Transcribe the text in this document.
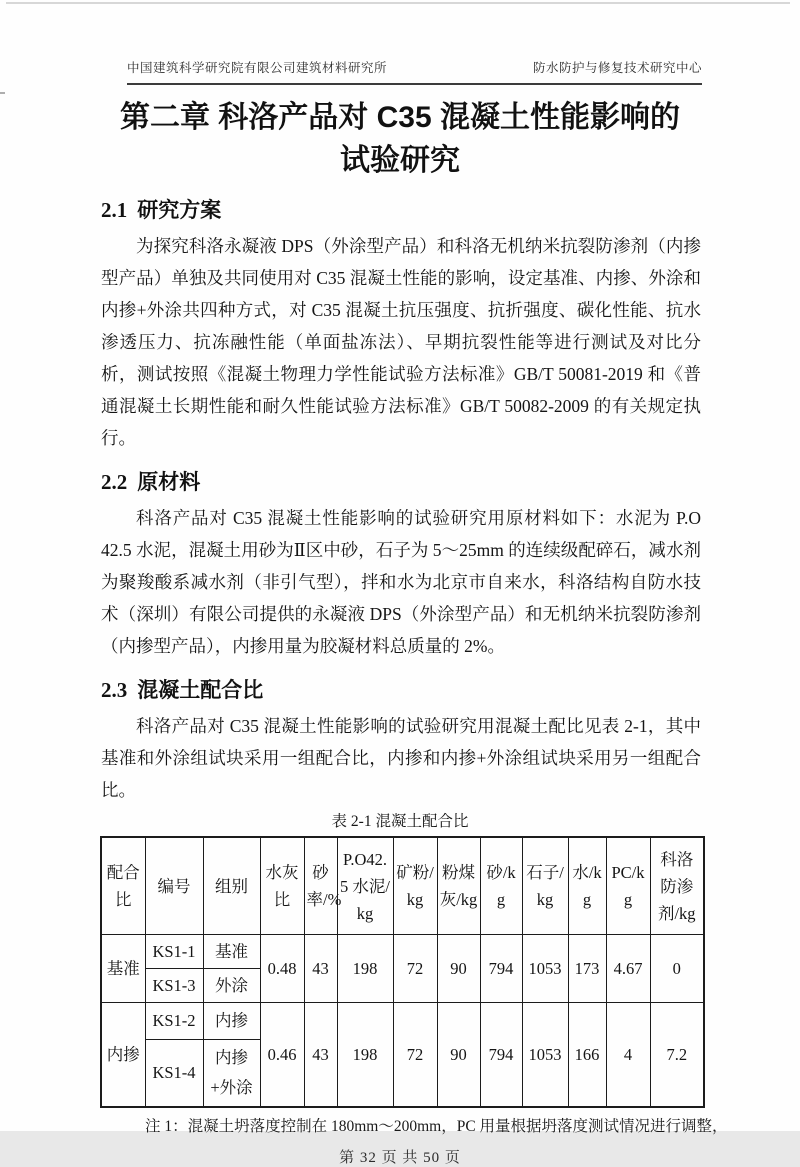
中国建筑科学研究院有限公司建筑材料研究所	防水防护与修复技术研究中心
第二章 科洛产品对 C35 混凝土性能影响的
试验研究
2.1 研究方案

为探究科洛永凝液 DPS（外涂型产品）和科洛无机纳米抗裂防渗剂（内掺型产品）单独及共同使用对 C35 混凝土性能的影响，设定基准、内掺、外涂和内掺+外涂共四种方式，对 C35 混凝土抗压强度、抗折强度、碳化性能、抗水渗透压力、抗冻融性能（单面盐冻法）、早期抗裂性能等进行测试及对比分析，测试按照《混凝土物理力学性能试验方法标准》GB/T 50081-2019 和《普通混凝土长期性能和耐久性能试验方法标准》GB/T 50082-2009 的有关规定执行。

2.2 原材料

科洛产品对 C35 混凝土性能影响的试验研究用原材料如下：水泥为 P.O 42.5 水泥，混凝土用砂为Ⅱ区中砂，石子为 5～25mm 的连续级配碎石，减水剂为聚羧酸系减水剂（非引气型），拌和水为北京市自来水，科洛结构自防水技术（深圳）有限公司提供的永凝液 DPS（外涂型产品）和无机纳米抗裂防渗剂（内掺型产品），内掺用量为胶凝材料总质量的 2%。

2.3 混凝土配合比

科洛产品对 C35 混凝土性能影响的试验研究用混凝土配比见表 2-1，其中基准和外涂组试块采用一组配合比，内掺和内掺+外涂组试块采用另一组配合比。

表 2-1 混凝土配合比
配合比	编号	组别	水灰比	砂率/%	P.O42.5 水泥/kg	矿粉/kg	粉煤灰/kg	砂/kg	石子/kg	水/kg	PC/kg	科洛防渗剂/kg
基准	KS1-1	基准	0.48	43	198	72	90	794	1053	173	4.67	0
	KS1-3	外涂										
内掺	KS1-2	内掺	0.46	43	198	72	90	794	1053	166	4	7.2
	KS1-4	内掺+外涂										
注 1：混凝土坍落度控制在 180mm～200mm，PC 用量根据坍落度测试情况进行调整，
第 32 页 共 50 页
